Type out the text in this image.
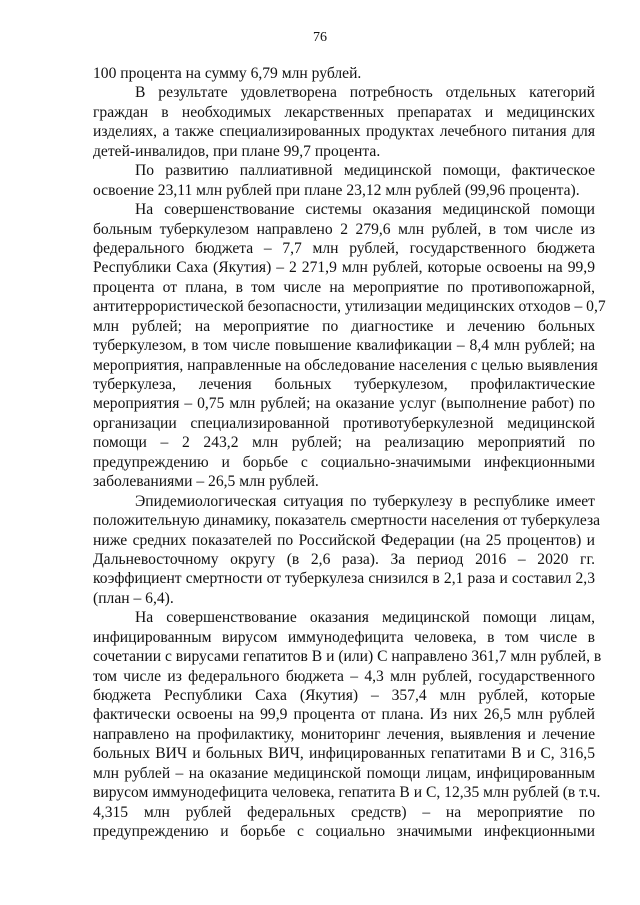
76
100 процента на сумму 6,79 млн рублей.
В результате удовлетворена потребность отдельных категорий
граждан в необходимых лекарственных препаратах и медицинских
изделиях, а также специализированных продуктах лечебного питания для
детей-инвалидов, при плане 99,7 процента.
По развитию паллиативной медицинской помощи, фактическое
освоение 23,11 млн рублей при плане 23,12 млн рублей (99,96 процента).
На совершенствование системы оказания медицинской помощи
больным туберкулезом направлено 2 279,6 млн рублей, в том числе из
федерального бюджета – 7,7 млн рублей, государственного бюджета
Республики Саха (Якутия) – 2 271,9 млн рублей, которые освоены на 99,9
процента от плана, в том числе на мероприятие по противопожарной,
антитеррористической безопасности, утилизации медицинских отходов – 0,7
млн рублей; на мероприятие по диагностике и лечению больных
туберкулезом, в том числе повышение квалификации – 8,4 млн рублей; на
мероприятия, направленные на обследование населения с целью выявления
туберкулеза, лечения больных туберкулезом, профилактические
мероприятия – 0,75 млн рублей; на оказание услуг (выполнение работ) по
организации специализированной противотуберкулезной медицинской
помощи – 2 243,2 млн рублей; на реализацию мероприятий по
предупреждению и борьбе с социально-значимыми инфекционными
заболеваниями – 26,5 млн рублей.
Эпидемиологическая ситуация по туберкулезу в республике имеет
положительную динамику, показатель смертности населения от туберкулеза
ниже средних показателей по Российской Федерации (на 25 процентов) и
Дальневосточному округу (в 2,6 раза). За период 2016 – 2020 гг.
коэффициент смертности от туберкулеза снизился в 2,1 раза и составил 2,3
(план – 6,4).
На совершенствование оказания медицинской помощи лицам,
инфицированным вирусом иммунодефицита человека, в том числе в
сочетании с вирусами гепатитов В и (или) С направлено 361,7 млн рублей, в
том числе из федерального бюджета – 4,3 млн рублей, государственного
бюджета Республики Саха (Якутия) – 357,4 млн рублей, которые
фактически освоены на 99,9 процента от плана. Из них 26,5 млн рублей
направлено на профилактику, мониторинг лечения, выявления и лечение
больных ВИЧ и больных ВИЧ, инфицированных гепатитами В и С, 316,5
млн рублей – на оказание медицинской помощи лицам, инфицированным
вирусом иммунодефицита человека, гепатита В и С, 12,35 млн рублей (в т.ч.
4,315 млн рублей федеральных средств) – на мероприятие по
предупреждению и борьбе с социально значимыми инфекционными
